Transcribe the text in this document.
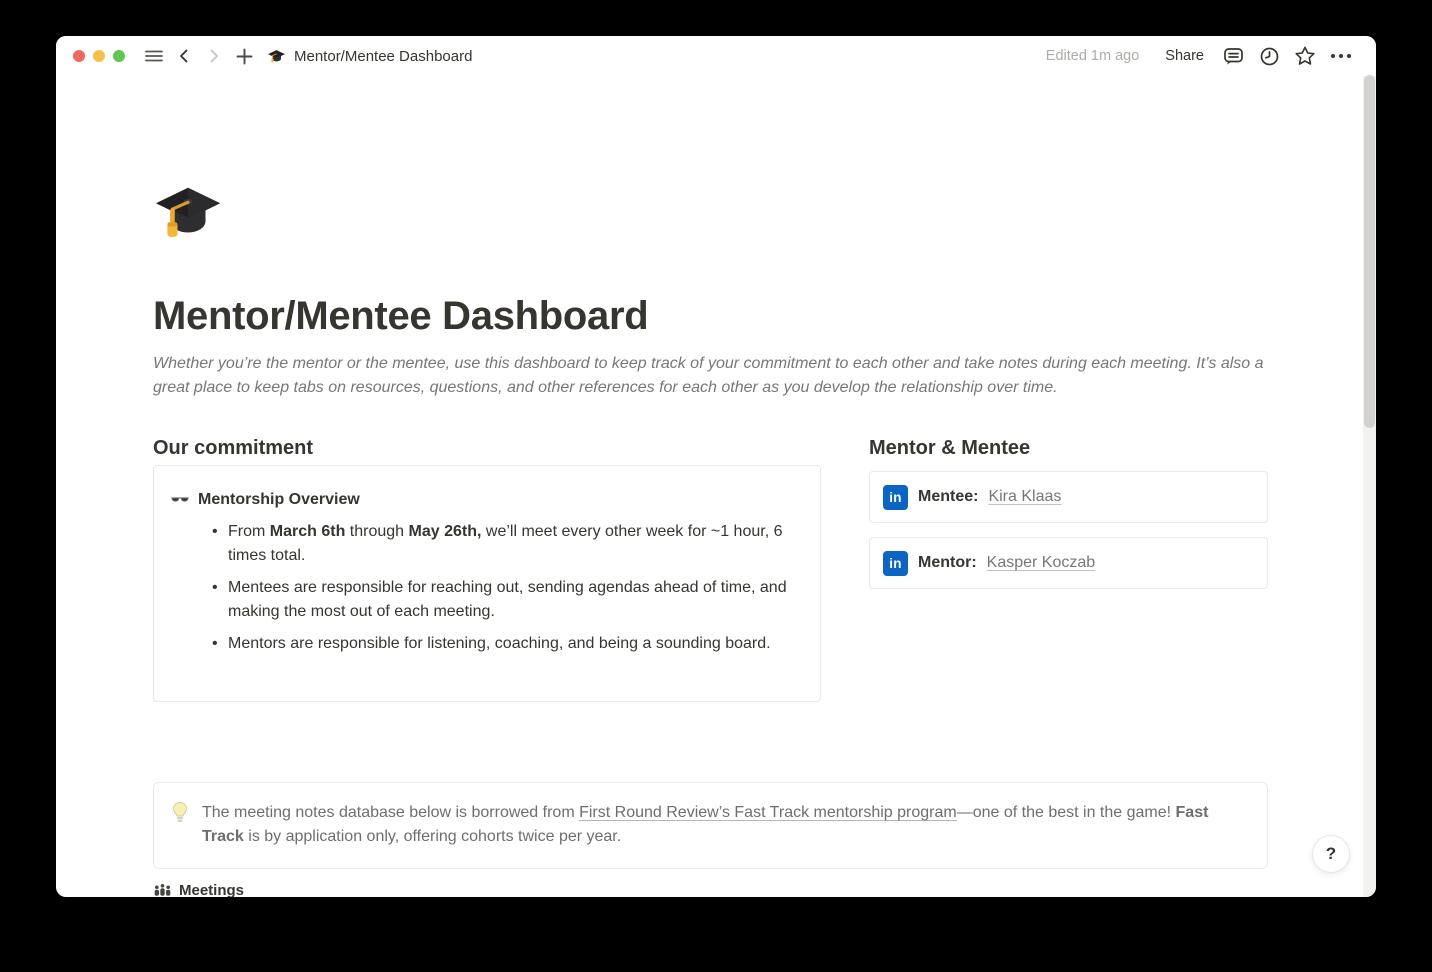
Mentor/Mentee Dashboard	Edited 1m ago	Share
Mentor/Mentee Dashboard

Whether you’re the mentor or the mentee, use this dashboard to keep track of your commitment to each other and take notes during each meeting. It’s also a great place to keep tabs on resources, questions, and other references for each other as you develop the relationship over time.

Our commitment
Mentorship Overview
• From March 6th through May 26th, we’ll meet every other week for ~1 hour, 6 times total.
• Mentees are responsible for reaching out, sending agendas ahead of time, and making the most out of each meeting.
• Mentors are responsible for listening, coaching, and being a sounding board.
Mentor & Mentee
in	Mentee: Kira Klaas
in	Mentor: Kasper Koczab
The meeting notes database below is borrowed from First Round Review’s Fast Track mentorship program—one of the best in the game! Fast Track is by application only, offering cohorts twice per year.
Meetings
?
